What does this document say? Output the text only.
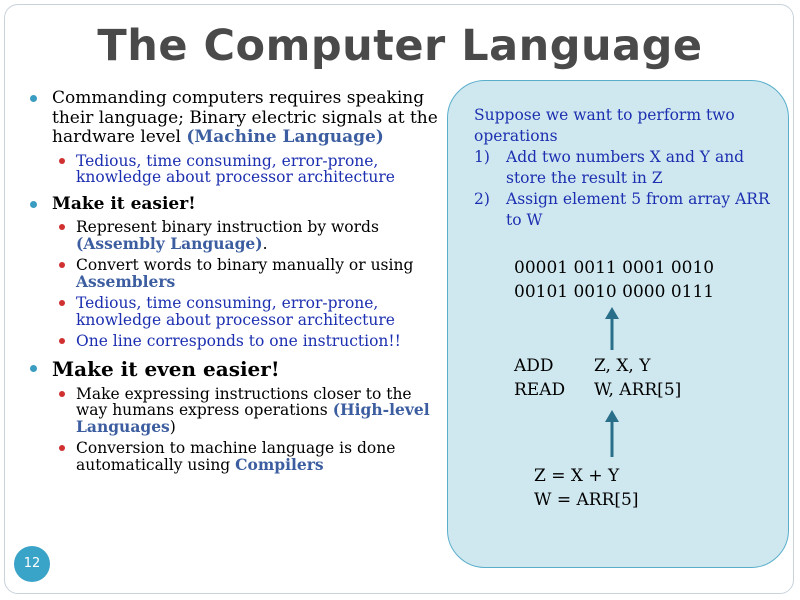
The Computer Language
Commanding computers requires speaking their language; Binary electric signals at the hardware level (Machine Language)
Tedious, time consuming, error-prone, knowledge about processor architecture
Make it easier!
Represent binary instruction by words (Assembly Language).
Convert words to binary manually or using Assemblers
Tedious, time consuming, error-prone, knowledge about processor architecture
One line corresponds to one instruction!!
Make it even easier!
Make expressing instructions closer to the way humans express operations (High-level Languages)
Conversion to machine language is done automatically using Compilers
Suppose we want to perform two operations
1) Add two numbers X and Y and store the result in Z
2) Assign element 5 from array ARR to W
00001 0011 0001 0010
00101 0010 0000 0111
ADD Z, X, Y
READ W, ARR[5]
Z = X + Y
W = ARR[5]
12
